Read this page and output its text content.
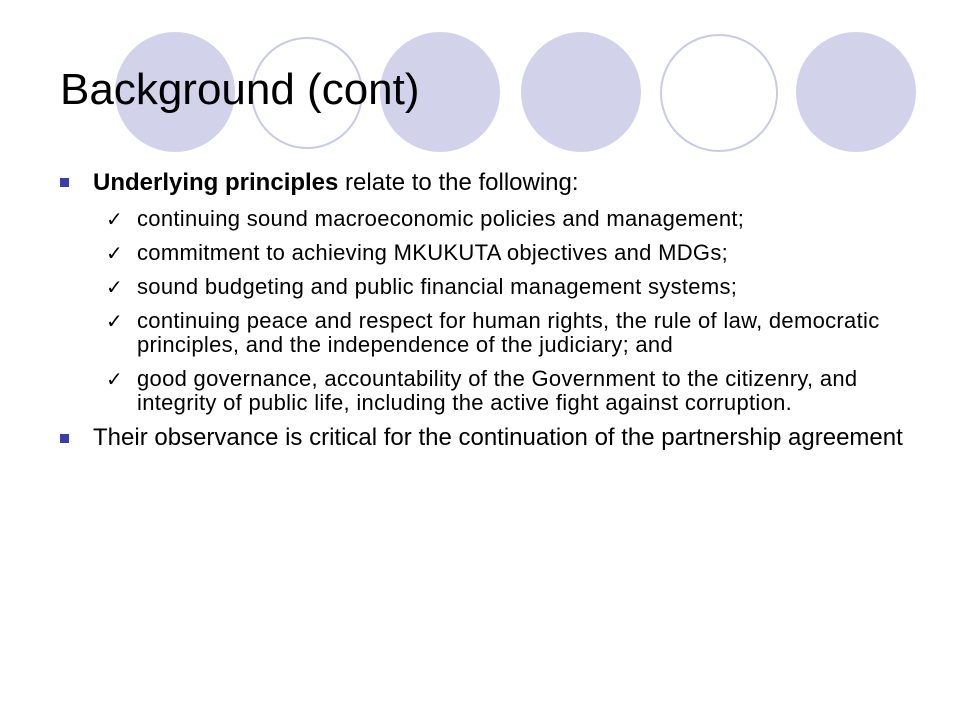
Background (cont)
Underlying principles relate to the following:
✓ continuing sound macroeconomic policies and management;
✓ commitment to achieving MKUKUTA objectives and MDGs;
✓ sound budgeting and public financial management systems;
✓ continuing peace and respect for human rights, the rule of law, democratic principles, and the independence of the judiciary; and
✓ good governance, accountability of the Government to the citizenry, and integrity of public life, including the active fight against corruption.
Their observance is critical for the continuation of the partnership agreement
